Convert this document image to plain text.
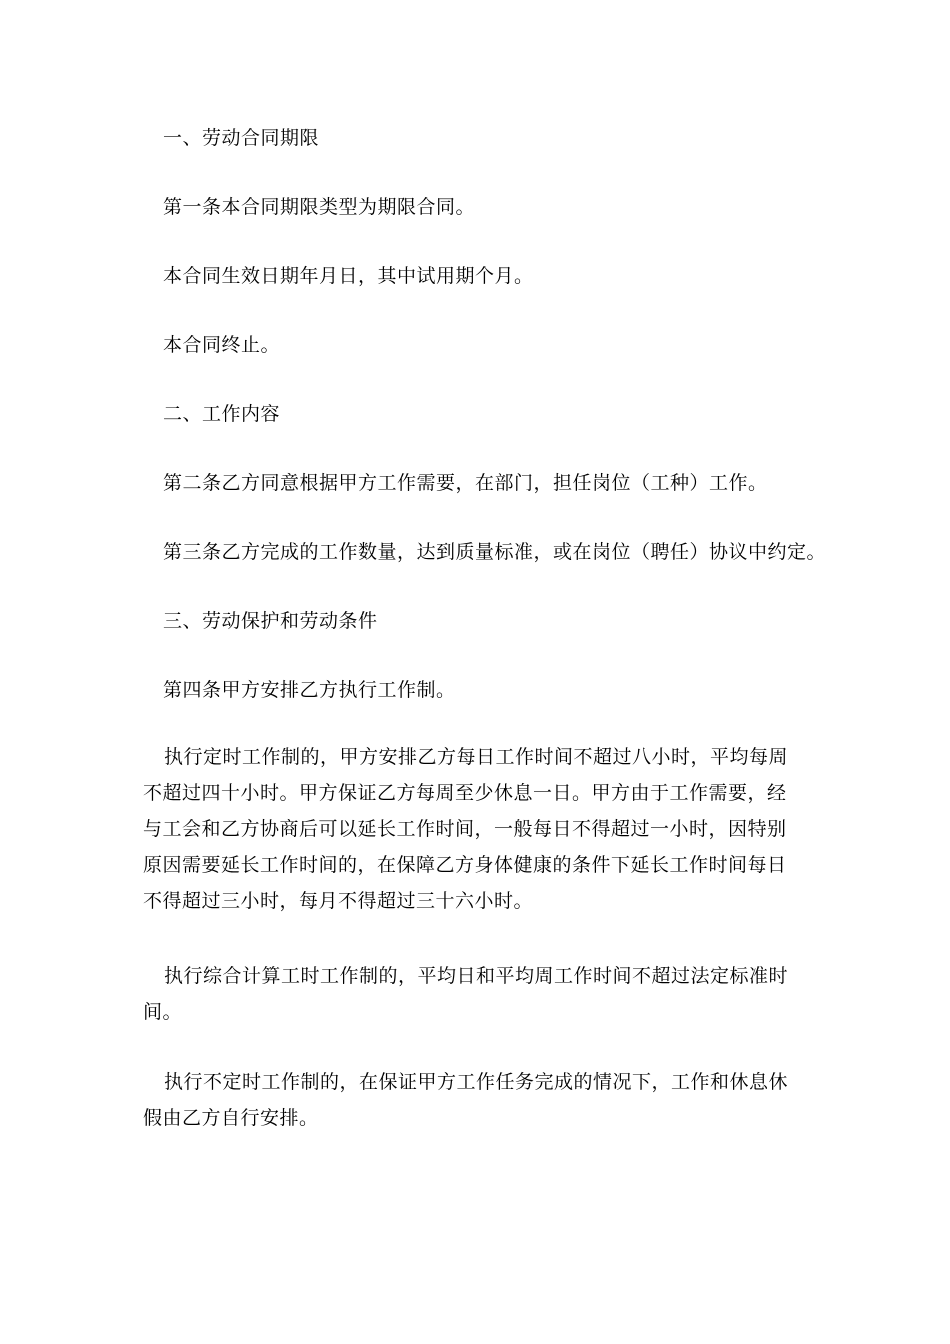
一、劳动合同期限
第一条本合同期限类型为期限合同。
本合同生效日期年月日，其中试用期个月。
本合同终止。
二、工作内容
第二条乙方同意根据甲方工作需要，在部门，担任岗位（工种）工作。
第三条乙方完成的工作数量，达到质量标准，或在岗位（聘任）协议中约定。
三、劳动保护和劳动条件
第四条甲方安排乙方执行工作制。
执行定时工作制的，甲方安排乙方每日工作时间不超过八小时，平均每周不超过四十小时。甲方保证乙方每周至少休息一日。甲方由于工作需要，经与工会和乙方协商后可以延长工作时间，一般每日不得超过一小时，因特别原因需要延长工作时间的，在保障乙方身体健康的条件下延长工作时间每日不得超过三小时，每月不得超过三十六小时。
执行综合计算工时工作制的，平均日和平均周工作时间不超过法定标准时间。
执行不定时工作制的，在保证甲方工作任务完成的情况下，工作和休息休假由乙方自行安排。
